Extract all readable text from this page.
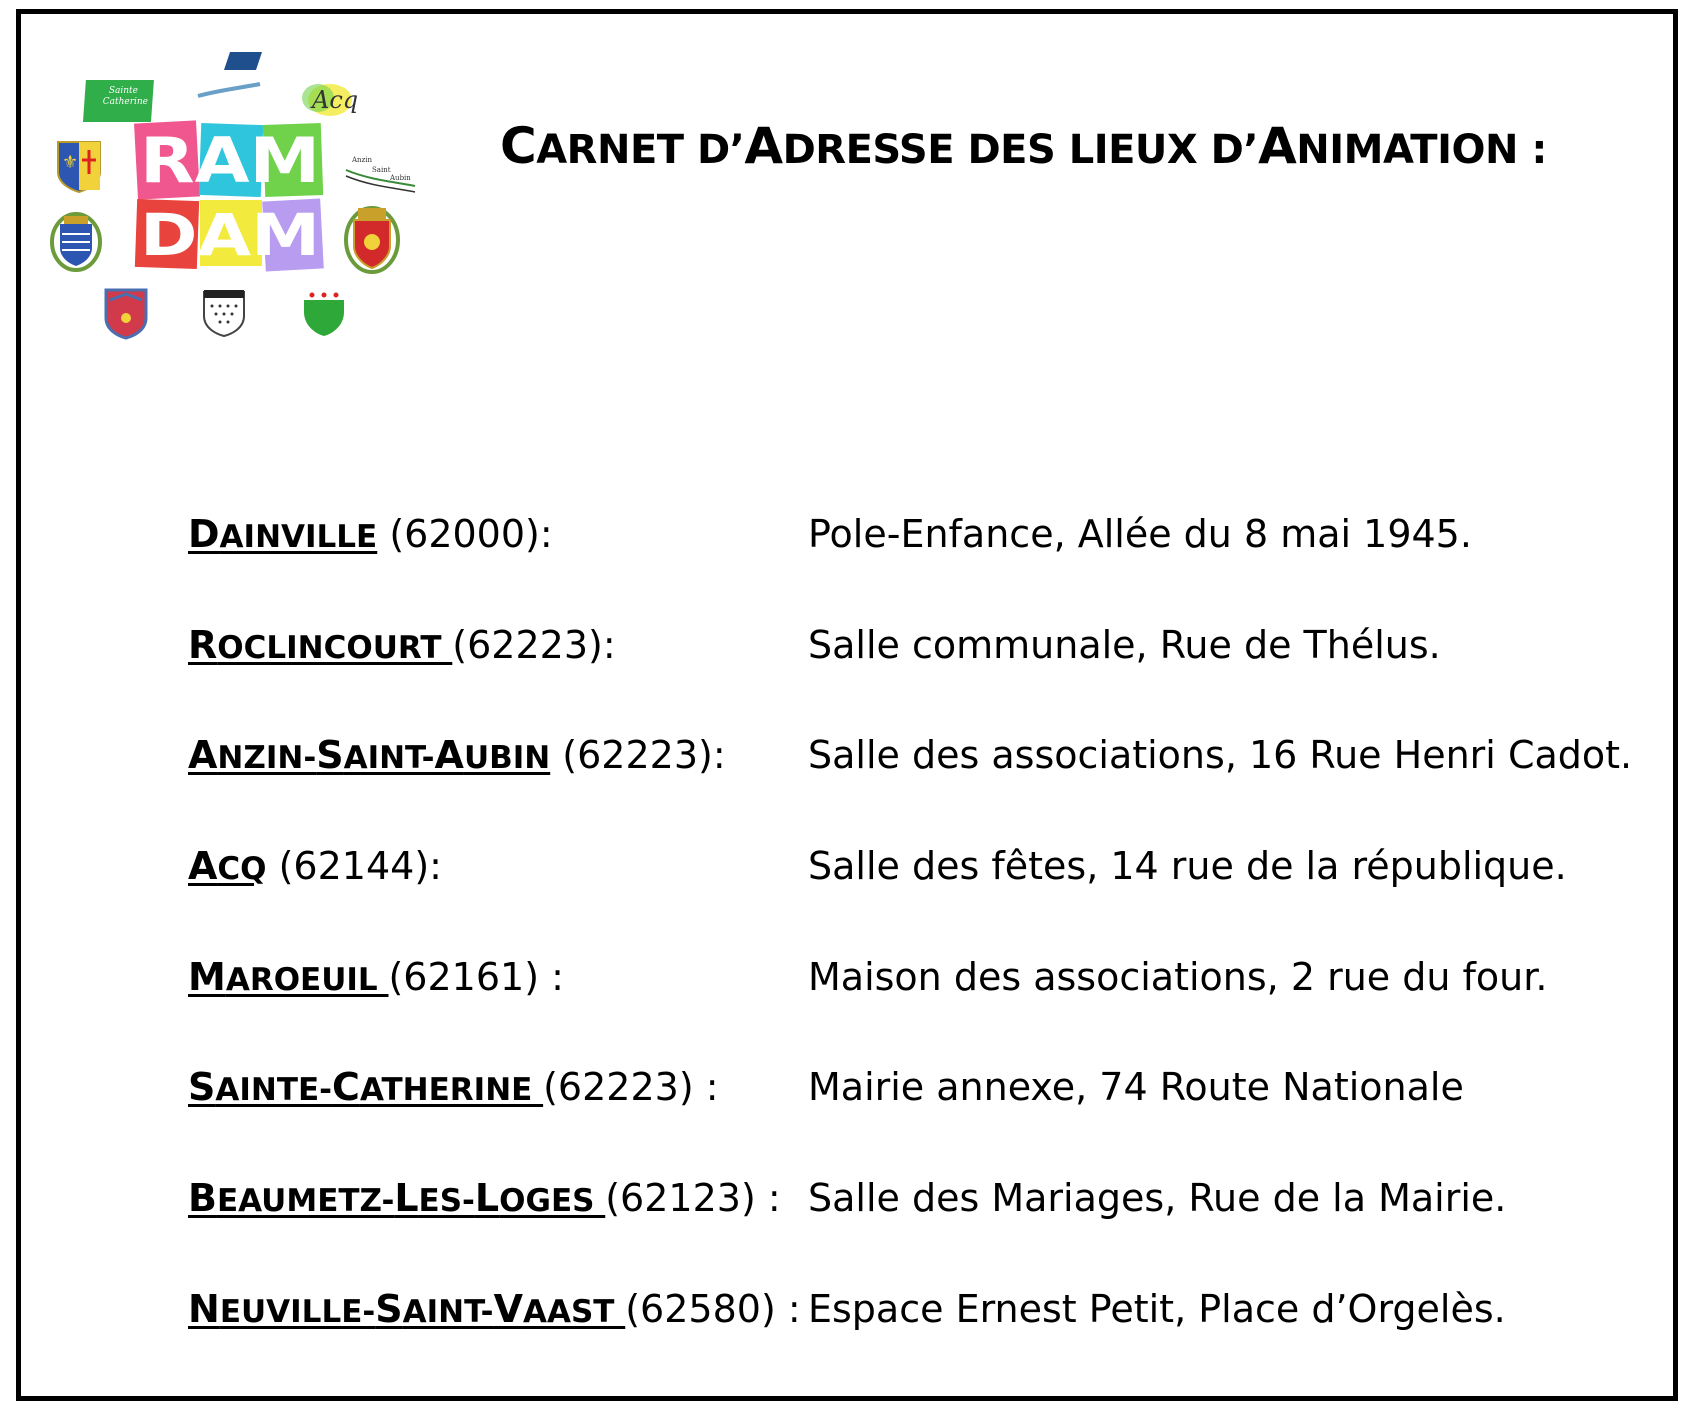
Sainte
Catherine	Acq
Anzin
Saint
Aubin
⚜ RAM
DAM
CARNET D’ADRESSE DES LIEUX D’ANIMATION :
DAINVILLE (62000):	Pole-Enfance, Allée du 8 mai 1945.
ROCLINCOURT (62223):	Salle communale, Rue de Thélus.
ANZIN-SAINT-AUBIN (62223): Salle des associations, 16 Rue Henri Cadot.
ACQ (62144):	Salle des fêtes, 14 rue de la république.
MAROEUIL (62161) :	Maison des associations, 2 rue du four.
SAINTE-CATHERINE (62223) : Mairie annexe, 74 Route Nationale
BEAUMETZ-LES-LOGES (62123) : Salle des Mariages, Rue de la Mairie.
NEUVILLE-SAINT-VAAST (62580) : Espace Ernest Petit, Place d’Orgelès.
